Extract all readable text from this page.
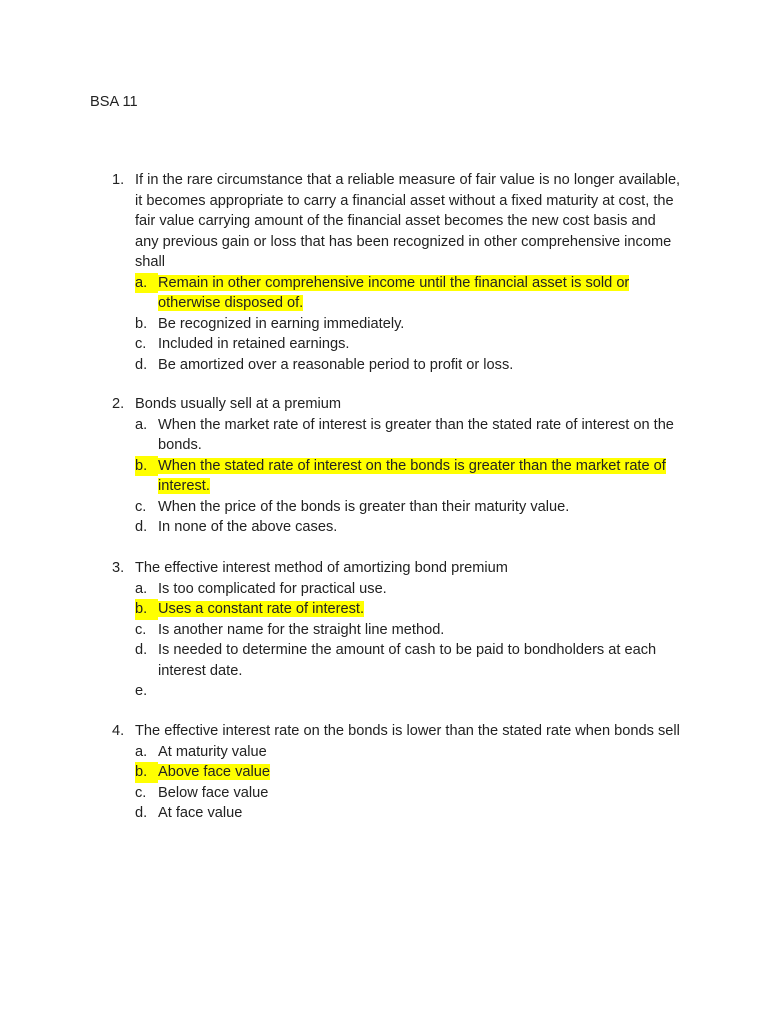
BSA 11
1. If in the rare circumstance that a reliable measure of fair value is no longer available, it becomes appropriate to carry a financial asset without a fixed maturity at cost, the fair value carrying amount of the financial asset becomes the new cost basis and any previous gain or loss that has been recognized in other comprehensive income shall
a. Remain in other comprehensive income until the financial asset is sold or otherwise disposed of.
b. Be recognized in earning immediately.
c. Included in retained earnings.
d. Be amortized over a reasonable period to profit or loss.
2. Bonds usually sell at a premium
a. When the market rate of interest is greater than the stated rate of interest on the bonds.
b. When the stated rate of interest on the bonds is greater than the market rate of interest.
c. When the price of the bonds is greater than their maturity value.
d. In none of the above cases.
3. The effective interest method of amortizing bond premium
a. Is too complicated for practical use.
b. Uses a constant rate of interest.
c. Is another name for the straight line method.
d. Is needed to determine the amount of cash to be paid to bondholders at each interest date.
e.
4. The effective interest rate on the bonds is lower than the stated rate when bonds sell
a. At maturity value
b. Above face value
c. Below face value
d. At face value
